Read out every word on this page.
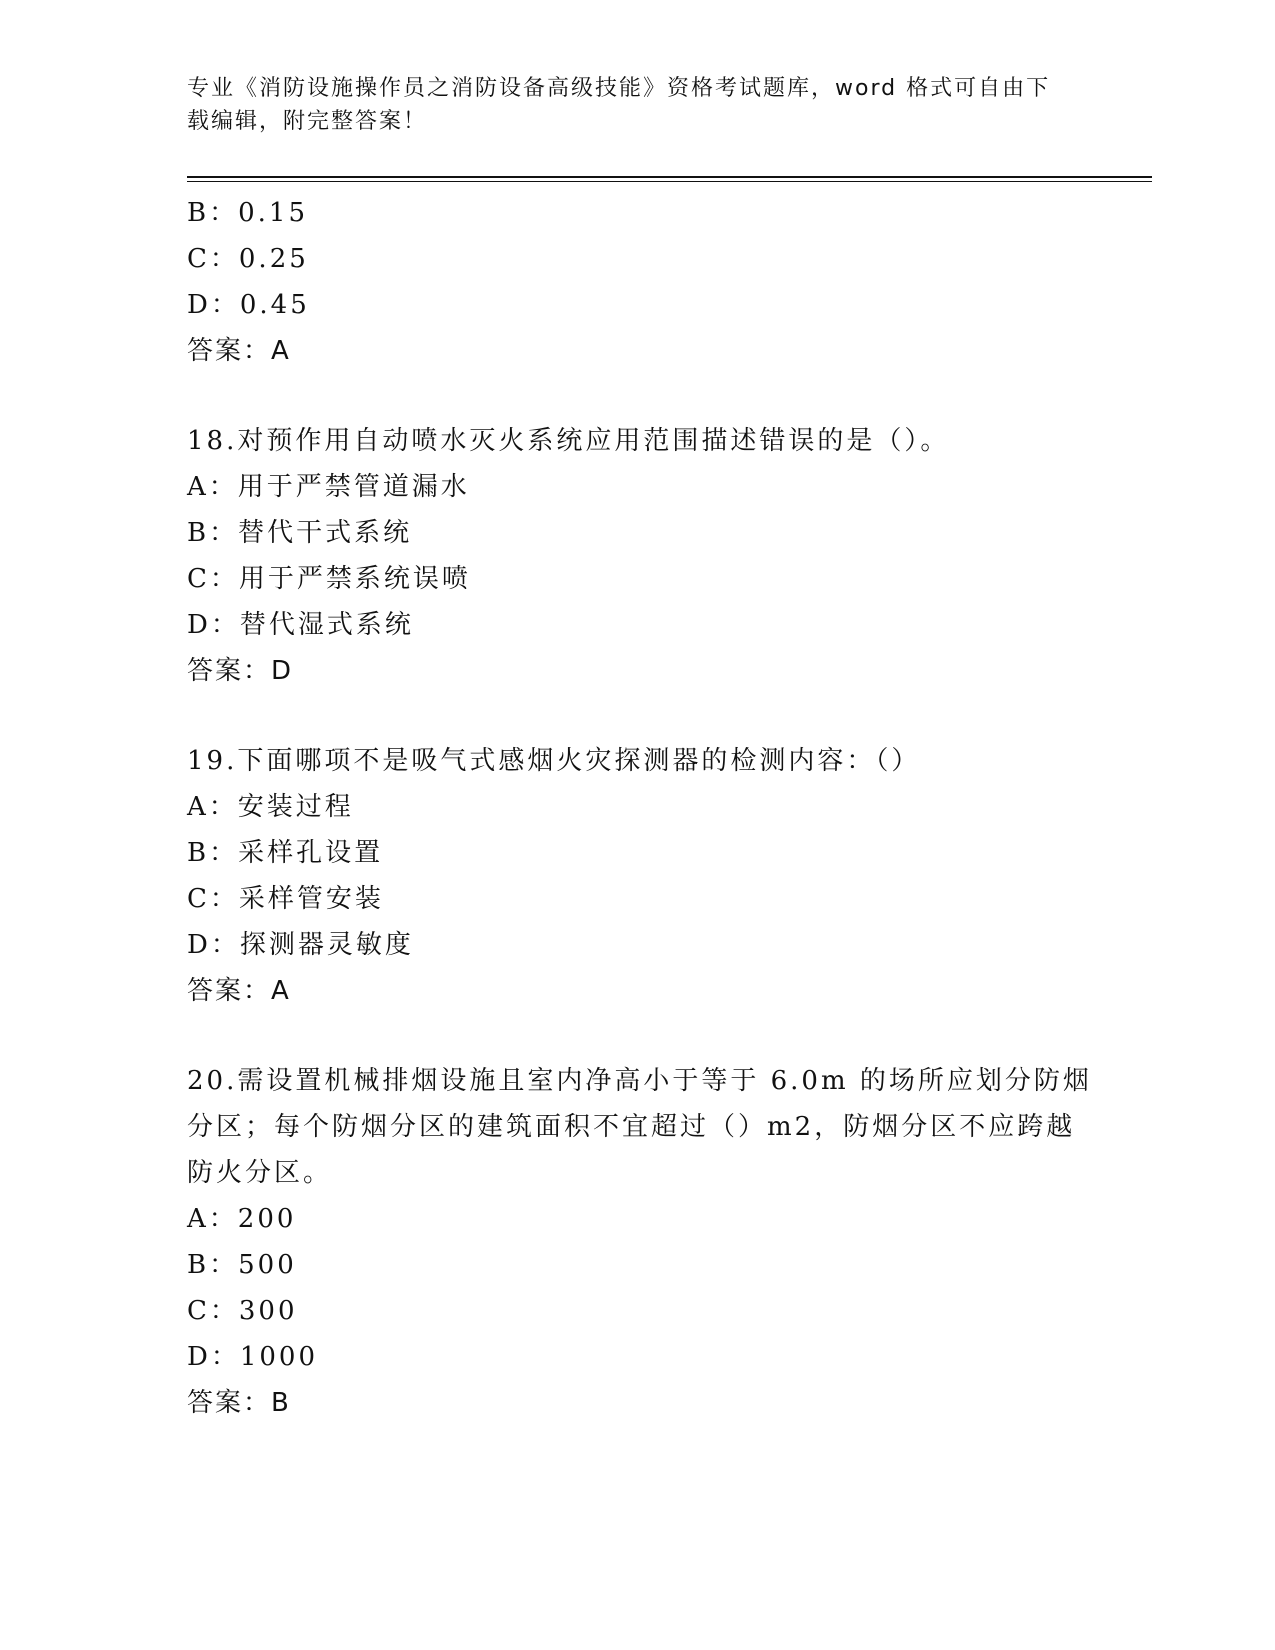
专业《消防设施操作员之消防设备高级技能》资格考试题库，word 格式可自由下
载编辑，附完整答案！
B：0.15
C：0.25
D：0.45
答案：A
18.对预作用自动喷水灭火系统应用范围描述错误的是（）。
A：用于严禁管道漏水
B：替代干式系统
C：用于严禁系统误喷
D：替代湿式系统
答案：D
19.下面哪项不是吸气式感烟火灾探测器的检测内容：（）
A：安装过程
B：采样孔设置
C：采样管安装
D：探测器灵敏度
答案：A
20.需设置机械排烟设施且室内净高小于等于 6.0m 的场所应划分防烟
分区；每个防烟分区的建筑面积不宜超过（）m2，防烟分区不应跨越
防火分区。
A：200
B：500
C：300
D：1000
答案：B
